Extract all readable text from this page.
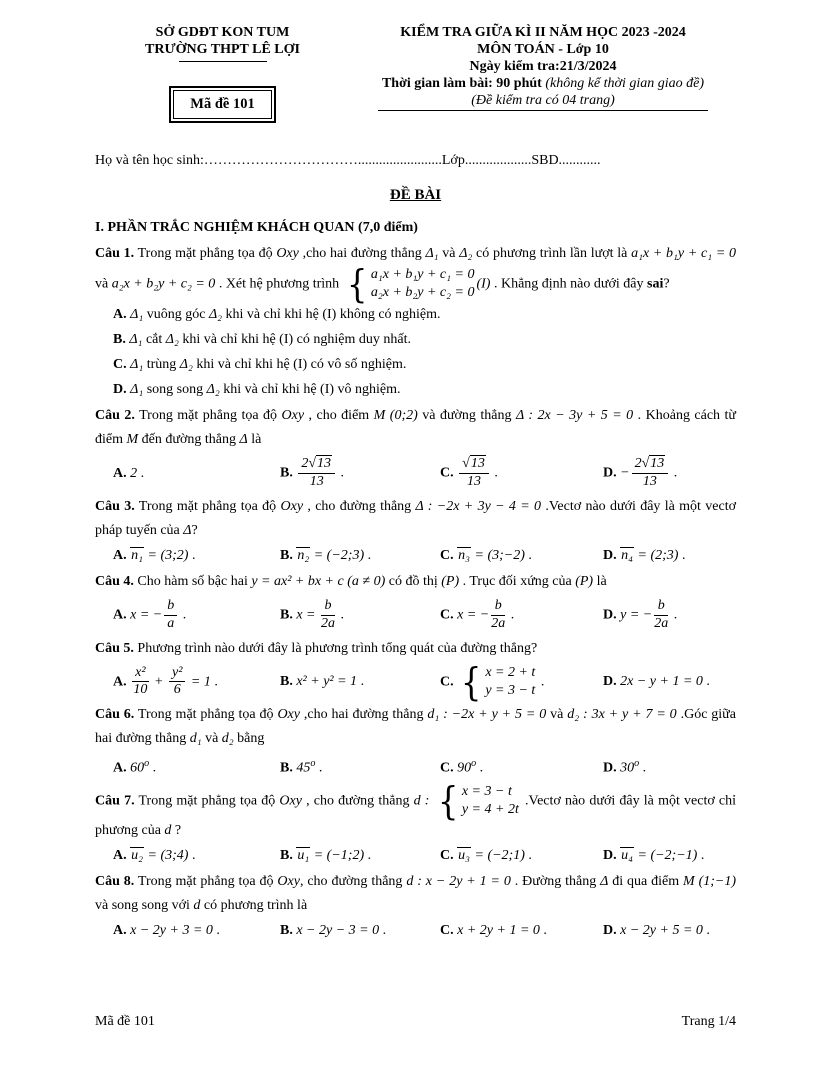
SỞ GDĐT KON TUM
TRƯỜNG THPT LÊ LỢI
Mã đề 101
KIỂM TRA GIỮA KÌ II NĂM HỌC 2023 -2024
MÔN TOÁN - Lớp 10
Ngày kiểm tra:21/3/2024
Thời gian làm bài: 90 phút (không kể thời gian giao đề)
(Đề kiểm tra có 04 trang)
Họ và tên học sinh:……………………………........................Lớp...................SBD............
ĐỀ BÀI
I. PHẦN TRẮC NGHIỆM KHÁCH QUAN (7,0 điểm)

Câu 1. Trong mặt phẳng tọa độ Oxy ,cho hai đường thẳng Δ₁ và Δ₂ có phương trình lần lượt là a₁x + b₁y + c₁ = 0 và a₂x + b₂y + c₂ = 0 . Xét hệ phương trình { a₁x + b₁y + c₁ = 0
a₂x + b₂y + c₂ = 0
(I) . Khẳng định nào dưới đây sai?

A. Δ₁ vuông góc Δ₂ khi và chỉ khi hệ (I) không có nghiệm.
B. Δ₁ cắt Δ₂ khi và chỉ khi hệ (I) có nghiệm duy nhất.
C. Δ₁ trùng Δ₂ khi và chỉ khi hệ (I) có vô số nghiệm.
D. Δ₁ song song Δ₂ khi và chỉ khi hệ (I) vô nghiệm.

Câu 2. Trong mặt phẳng tọa độ Oxy , cho điểm M (0;2) và đường thẳng Δ : 2x − 3y + 5 = 0 . Khoảng cách từ điểm M đến đường thẳng Δ là

A. 2 .	B. $\frac{2√13}{13}$ .	C. $\frac{√13}{13}$ .	D. − $\frac{2√13}{13}$ .

Câu 3. Trong mặt phẳng tọa độ Oxy , cho đường thẳng Δ : −2x + 3y − 4 = 0 .Vectơ nào dưới đây là một vectơ pháp tuyến của Δ?

A. n₁ = (3;2) .	B. n₂ = (−2;3) .	C. n₃ = (3;−2) .	D. n₄ = (2;3) .

Câu 4. Cho hàm số bậc hai y = ax² + bx + c (a ≠ 0) có đồ thị (P) . Trục đối xứng của (P) là

A. x = − $\frac{b}{a}$ .	B. $x = \frac{b}{2a}$ .	C. x = − $\frac{b}{2a}$ .	D. y = − $\frac{b}{2a}$ .

Câu 5. Phương trình nào dưới đây là phương trình tổng quát của đường thẳng?

A. $\frac{\text{x²}}{10} + \frac{\text{y²}}{6} = 1$ .	B. x² + y² = 1 .	C. { x = 2 + t
y = 3 − t
.	D. 2x − y + 1 = 0 .

Câu 6. Trong mặt phẳng tọa độ Oxy ,cho hai đường thẳng d₁ : −2x + y + 5 = 0 và d₂ : 3x + y + 7 = 0 .Góc giữa hai đường thẳng d₁ và d₂ bằng

A. 60$^o$ .	B. 45$^o$ .	C. 90$^o$ .	D. 30$^o$ .

Câu 7. Trong mặt phẳng tọa độ Oxy , cho đường thẳng d : { x = 3 − t
y = 4 + 2t
.Vectơ nào dưới đây là một vectơ chỉ phương của d ?

A. u₂ = (3;4) .	B. u₁ = (−1;2) .	C. u₃ = (−2;1) .	D. u₄ = (−2;−1) .

Câu 8. Trong mặt phẳng tọa độ Oxy, cho đường thẳng d : x − 2y + 1 = 0 . Đường thẳng Δ đi qua điểm M (1;−1) và song song với d có phương trình là

A. x − 2y + 3 = 0 .	B. x − 2y − 3 = 0 .	C. x + 2y + 1 = 0 .	D. x − 2y + 5 = 0 .
Mã đề 101	Trang 1/4
